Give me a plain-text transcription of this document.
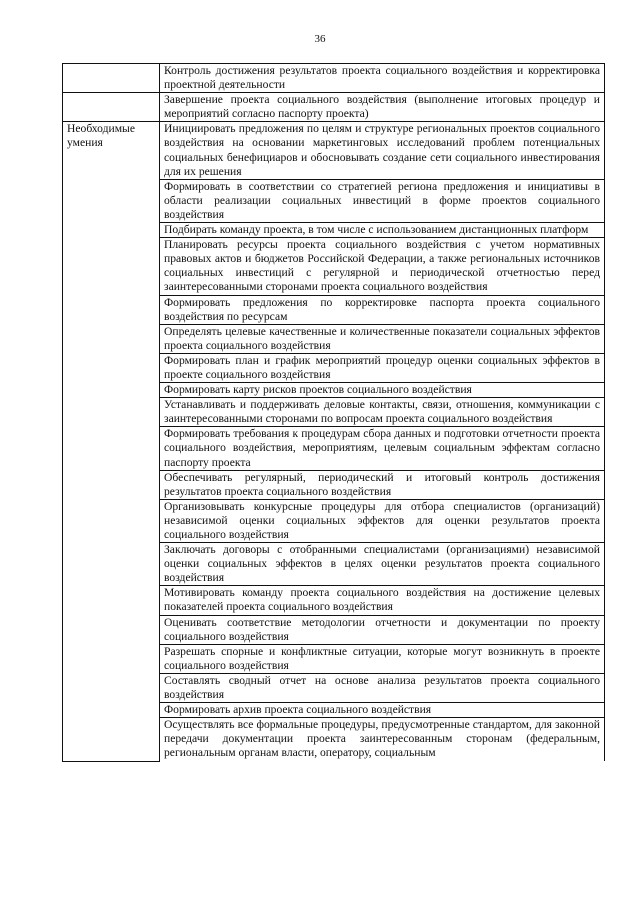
36

	Контроль достижения результатов проекта социального воздействия и корректировка проектной деятельности

	Завершение проекта социального воздействия (выполнение итоговых процедур и мероприятий согласно паспорту проекта)

Необходимые умения	Инициировать предложения по целям и структуре региональных проектов социального воздействия на основании маркетинговых исследований проблем потенциальных социальных бенефициаров и обосновывать создание сети социального инвестирования для их решения

	Формировать в соответствии со стратегией региона предложения и инициативы в области реализации социальных инвестиций в форме проектов социального воздействия

	Подбирать команду проекта, в том числе с использованием дистанционных платформ

	Планировать ресурсы проекта социального воздействия с учетом нормативных правовых актов и бюджетов Российской Федерации, а также региональных источников социальных инвестиций с регулярной и периодической отчетностью перед заинтересованными сторонами проекта социального воздействия

	Формировать предложения по корректировке паспорта проекта социального воздействия по ресурсам

	Определять целевые качественные и количественные показатели социальных эффектов проекта социального воздействия

	Формировать план и график мероприятий процедур оценки социальных эффектов в проекте социального воздействия

	Формировать карту рисков проектов социального воздействия

	Устанавливать и поддерживать деловые контакты, связи, отношения, коммуникации с заинтересованными сторонами по вопросам проекта социального воздействия

	Формировать требования к процедурам сбора данных и подготовки отчетности проекта социального воздействия, мероприятиям, целевым социальным эффектам согласно паспорту проекта

	Обеспечивать регулярный, периодический и итоговый контроль достижения результатов проекта социального воздействия

	Организовывать конкурсные процедуры для отбора специалистов (организаций) независимой оценки социальных эффектов для оценки результатов проекта социального воздействия

	Заключать договоры с отобранными специалистами (организациями) независимой оценки социальных эффектов в целях оценки результатов проекта социального воздействия

	Мотивировать команду проекта социального воздействия на достижение целевых показателей проекта социального воздействия

	Оценивать соответствие методологии отчетности и документации по проекту социального воздействия

	Разрешать спорные и конфликтные ситуации, которые могут возникнуть в проекте социального воздействия

	Составлять сводный отчет на основе анализа результатов проекта социального воздействия

	Формировать архив проекта социального воздействия

	Осуществлять все формальные процедуры, предусмотренные стандартом, для законной передачи документации проекта заинтересованным сторонам (федеральным, региональным органам власти, оператору, социальным
